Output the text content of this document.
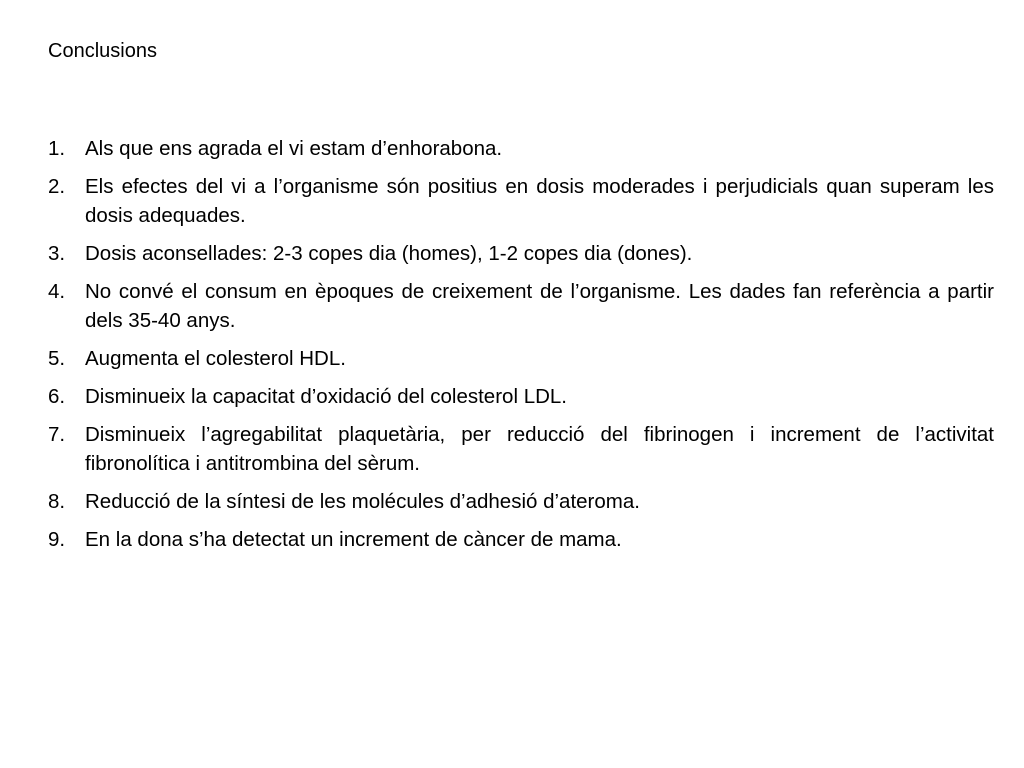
Conclusions
1. Als que ens agrada el vi estam d’enhorabona.
2. Els efectes del vi a l’organisme són positius en dosis moderades i perjudicials quan superam les dosis adequades.
3. Dosis aconsellades: 2-3 copes dia (homes), 1-2 copes dia (dones).
4. No convé el consum en èpoques de creixement de l’organisme. Les dades fan referència a partir dels 35-40 anys.
5. Augmenta el colesterol HDL.
6. Disminueix la capacitat d’oxidació del colesterol LDL.
7. Disminueix l’agregabilitat plaquetària, per reducció del fibrinogen i increment de l’activitat fibronolítica i antitrombina del sèrum.
8. Reducció de la síntesi de les molécules d’adhesió d’ateroma.
9. En la dona s’ha detectat un increment de càncer de mama.
